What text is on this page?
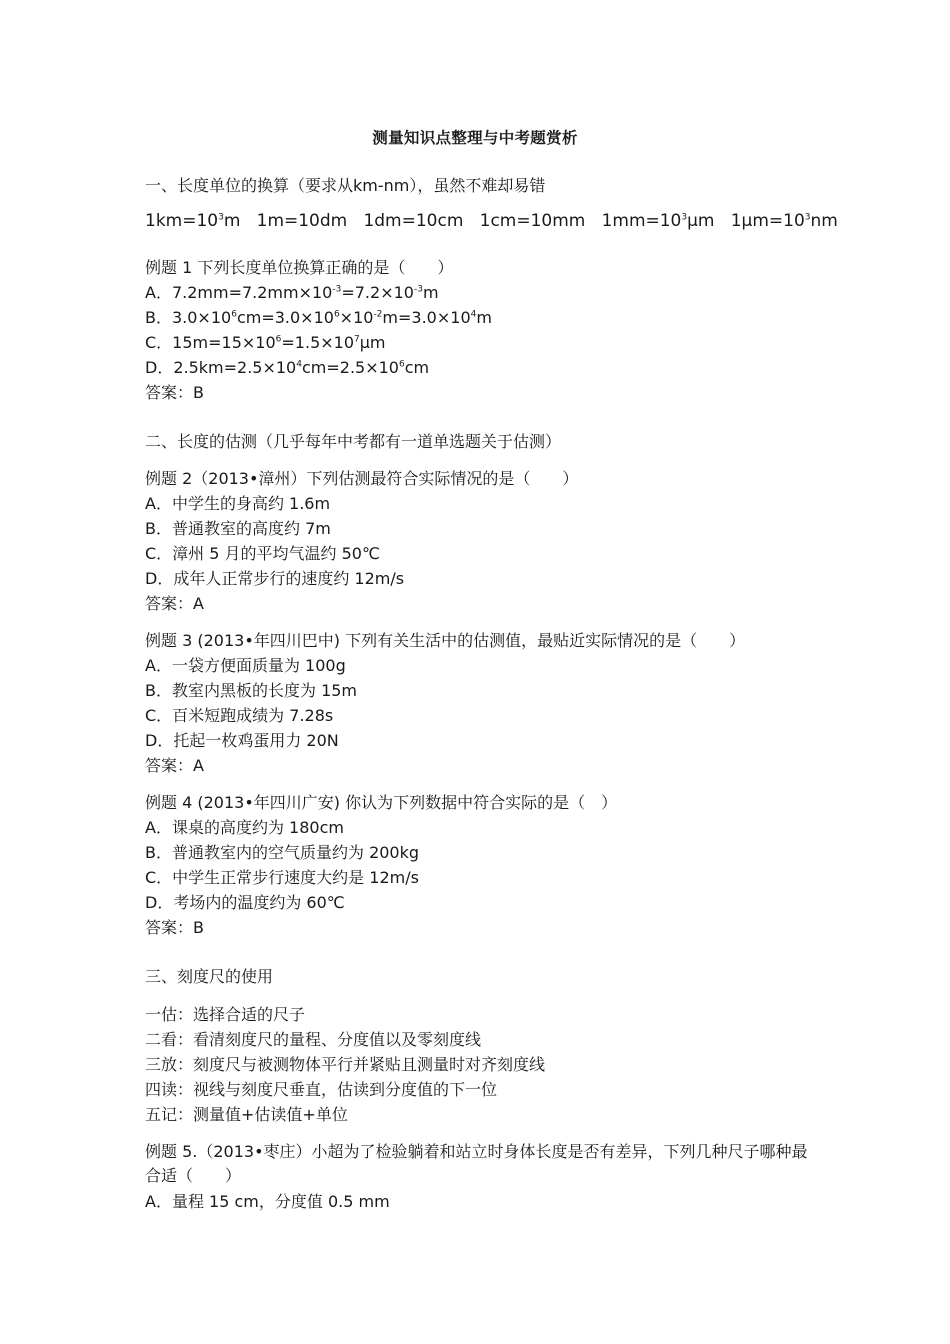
测量知识点整理与中考题赏析
一、长度单位的换算（要求从km-nm），虽然不难却易错
$1km=10^3m$ 1m=10dm 1dm=10cm 1cm=10mm $1mm=10^3\mu m$ $1\mu m=10^3nm$
例题 1 下列长度单位换算正确的是（　　）
A．$7.2mm=7.2mm\times 10^{-3}=7.2\times 10^{-3}m$
B．$3.0\times 10^6cm=3.0\times 10^6\times 10^{-2}m=3.0\times 10^4m$
C．$15m=15\times 10^6=1.5\times 10^7\mu m$
D．$2.5km=2.5\times 10^4cm=2.5\times 10^6cm$
答案：B
二、长度的估测（几乎每年中考都有一道单选题关于估测）
例题 2（2013•漳州）下列估测最符合实际情况的是（　　）
A．中学生的身高约 1.6m
B．普通教室的高度约 7m
C．漳州 5 月的平均气温约 50℃
D．成年人正常步行的速度约 12m/s
答案：A
例题 3 (2013•年四川巴中) 下列有关生活中的估测值，最贴近实际情况的是（　　）
A．一袋方便面质量为 100g
B．教室内黑板的长度为 15m
C．百米短跑成绩为 7.28s
D．托起一枚鸡蛋用力 20N
答案：A
例题 4 (2013•年四川广安) 你认为下列数据中符合实际的是（　）
A．课桌的高度约为 180cm
B．普通教室内的空气质量约为 200kg
C．中学生正常步行速度大约是 12m/s
D．考场内的温度约为 60℃
答案：B
三、刻度尺的使用
一估：选择合适的尺子
二看：看清刻度尺的量程、分度值以及零刻度线
三放：刻度尺与被测物体平行并紧贴且测量时对齐刻度线
四读：视线与刻度尺垂直，估读到分度值的下一位
五记：测量值+估读值+单位
例题 5.（2013•枣庄）小超为了检验躺着和站立时身体长度是否有差异，下列几种尺子哪种最合适（　　）
A．量程 15 cm，分度值 0.5 mm
